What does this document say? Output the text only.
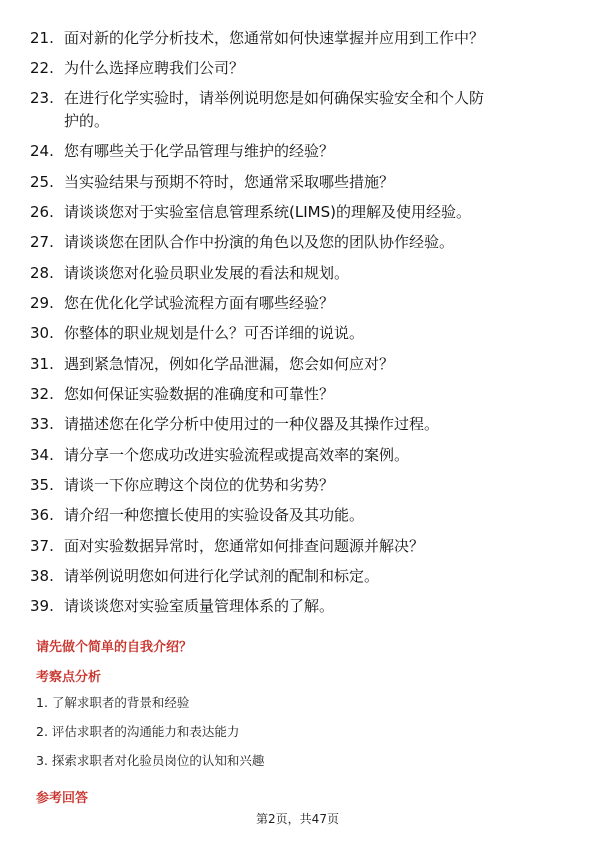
21. 面对新的化学分析技术，您通常如何快速掌握并应用到工作中？
22. 为什么选择应聘我们公司？
23. 在进行化学实验时，请举例说明您是如何确保实验安全和个人防
护的。
24. 您有哪些关于化学品管理与维护的经验？
25. 当实验结果与预期不符时，您通常采取哪些措施？
26. 请谈谈您对于实验室信息管理系统(LIMS)的理解及使用经验。
27. 请谈谈您在团队合作中扮演的角色以及您的团队协作经验。
28. 请谈谈您对化验员职业发展的看法和规划。
29. 您在优化化学试验流程方面有哪些经验？
30. 你整体的职业规划是什么？可否详细的说说。
31. 遇到紧急情况，例如化学品泄漏，您会如何应对？
32. 您如何保证实验数据的准确度和可靠性？
33. 请描述您在化学分析中使用过的一种仪器及其操作过程。
34. 请分享一个您成功改进实验流程或提高效率的案例。
35. 请谈一下你应聘这个岗位的优势和劣势？
36. 请介绍一种您擅长使用的实验设备及其功能。
37. 面对实验数据异常时，您通常如何排查问题源并解决？
38. 请举例说明您如何进行化学试剂的配制和标定。
39. 请谈谈您对实验室质量管理体系的了解。
请先做个简单的自我介绍？
考察点分析
1. 了解求职者的背景和经验
2. 评估求职者的沟通能力和表达能力
3. 探索求职者对化验员岗位的认知和兴趣
参考回答
第2页，共47页
